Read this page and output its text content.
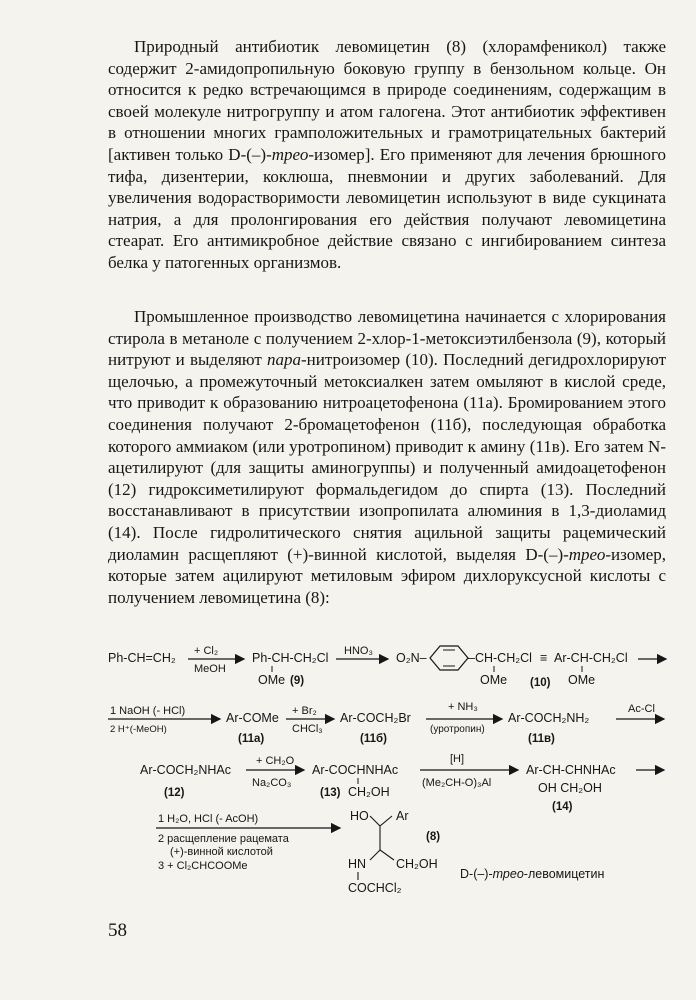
Природный антибиотик левомицетин (8) (хлорамфеникол) также содержит 2-амидопропильную боковую группу в бензольном кольце. Он относится к редко встречающимся в природе соединениям, содержащим в своей молекуле нитрогруппу и атом галогена. Этот антибиотик эффективен в отношении многих грамположительных и грамотрицательных бактерий [активен только D-(–)-трео-изомер]. Его применяют для лечения брюшного тифа, дизентерии, коклюша, пневмонии и других заболеваний. Для увеличения водорастворимости левомицетин используют в виде сукцината натрия, а для пролонгирования его действия получают левомицетина стеарат. Его антимикробное действие связано с ингибированием синтеза белка у патогенных организмов.

Промышленное производство левомицетина начинается с хлорирования стирола в метаноле с получением 2-хлор-1-метоксиэтилбензола (9), который нитруют и выделяют пара-нитроизомер (10). Последний дегидрохлорируют щелочью, а промежуточный метоксиалкен затем омыляют в кислой среде, что приводит к образованию нитроацетофенона (11а). Бромированием этого соединения получают 2-бромацетофенон (11б), последующая обработка которого аммиаком (или уротропином) приводит к амину (11в). Его затем N-ацетилируют (для защиты аминогруппы) и полученный амидоацетофенон (12) гидроксиметилируют формальдегидом до спирта (13). Последний восстанавливают в присутствии изопропилата алюминия в 1,3-диоламид (14). После гидролитического снятия ацильной защиты рацемический диоламин расщепляют (+)-винной кислотой, выделяя D-(–)-трео-изомер, которые затем ацилируют метиловым эфиром дихлоруксусной кислоты с получением левомицетина (8):

Ph-CH=CH₂ + Cl₂
MeOH
Ph-CH-CH₂Cl
OMe (9)
HNO₃ O₂N–	–CH-CH₂Cl
OMe (10)
≡ Ar-CH-CH₂Cl
OMe
1 NaOH (- HCl)
2 H⁺(-MeOH)
Ar-COMe
(11а)
+ Br₂
CHCl₃
Ar-COCH₂Br
(11б)
+ NH₃
(уротропин)
Ar-COCH₂NH₂
(11в)
Ac-Cl
Ar-COCH₂NHAc
(12)
+ CH₂O
Na₂CO₃
Ar-COCHNHAc
(13) CH₂OH
[H]
(Me₂CH-O)₃Al
Ar-CH-CHNHAc
OH CH₂OH
(14)
1 H₂O, HCl (- AcOH)
2 расщепление рацемата
(+)-винной кислотой
3 + Cl₂CHCOOMe
HO Ar
HN CH₂OH
COCHCl₂
(8)
D-(–)-трео-левомицетин
58
